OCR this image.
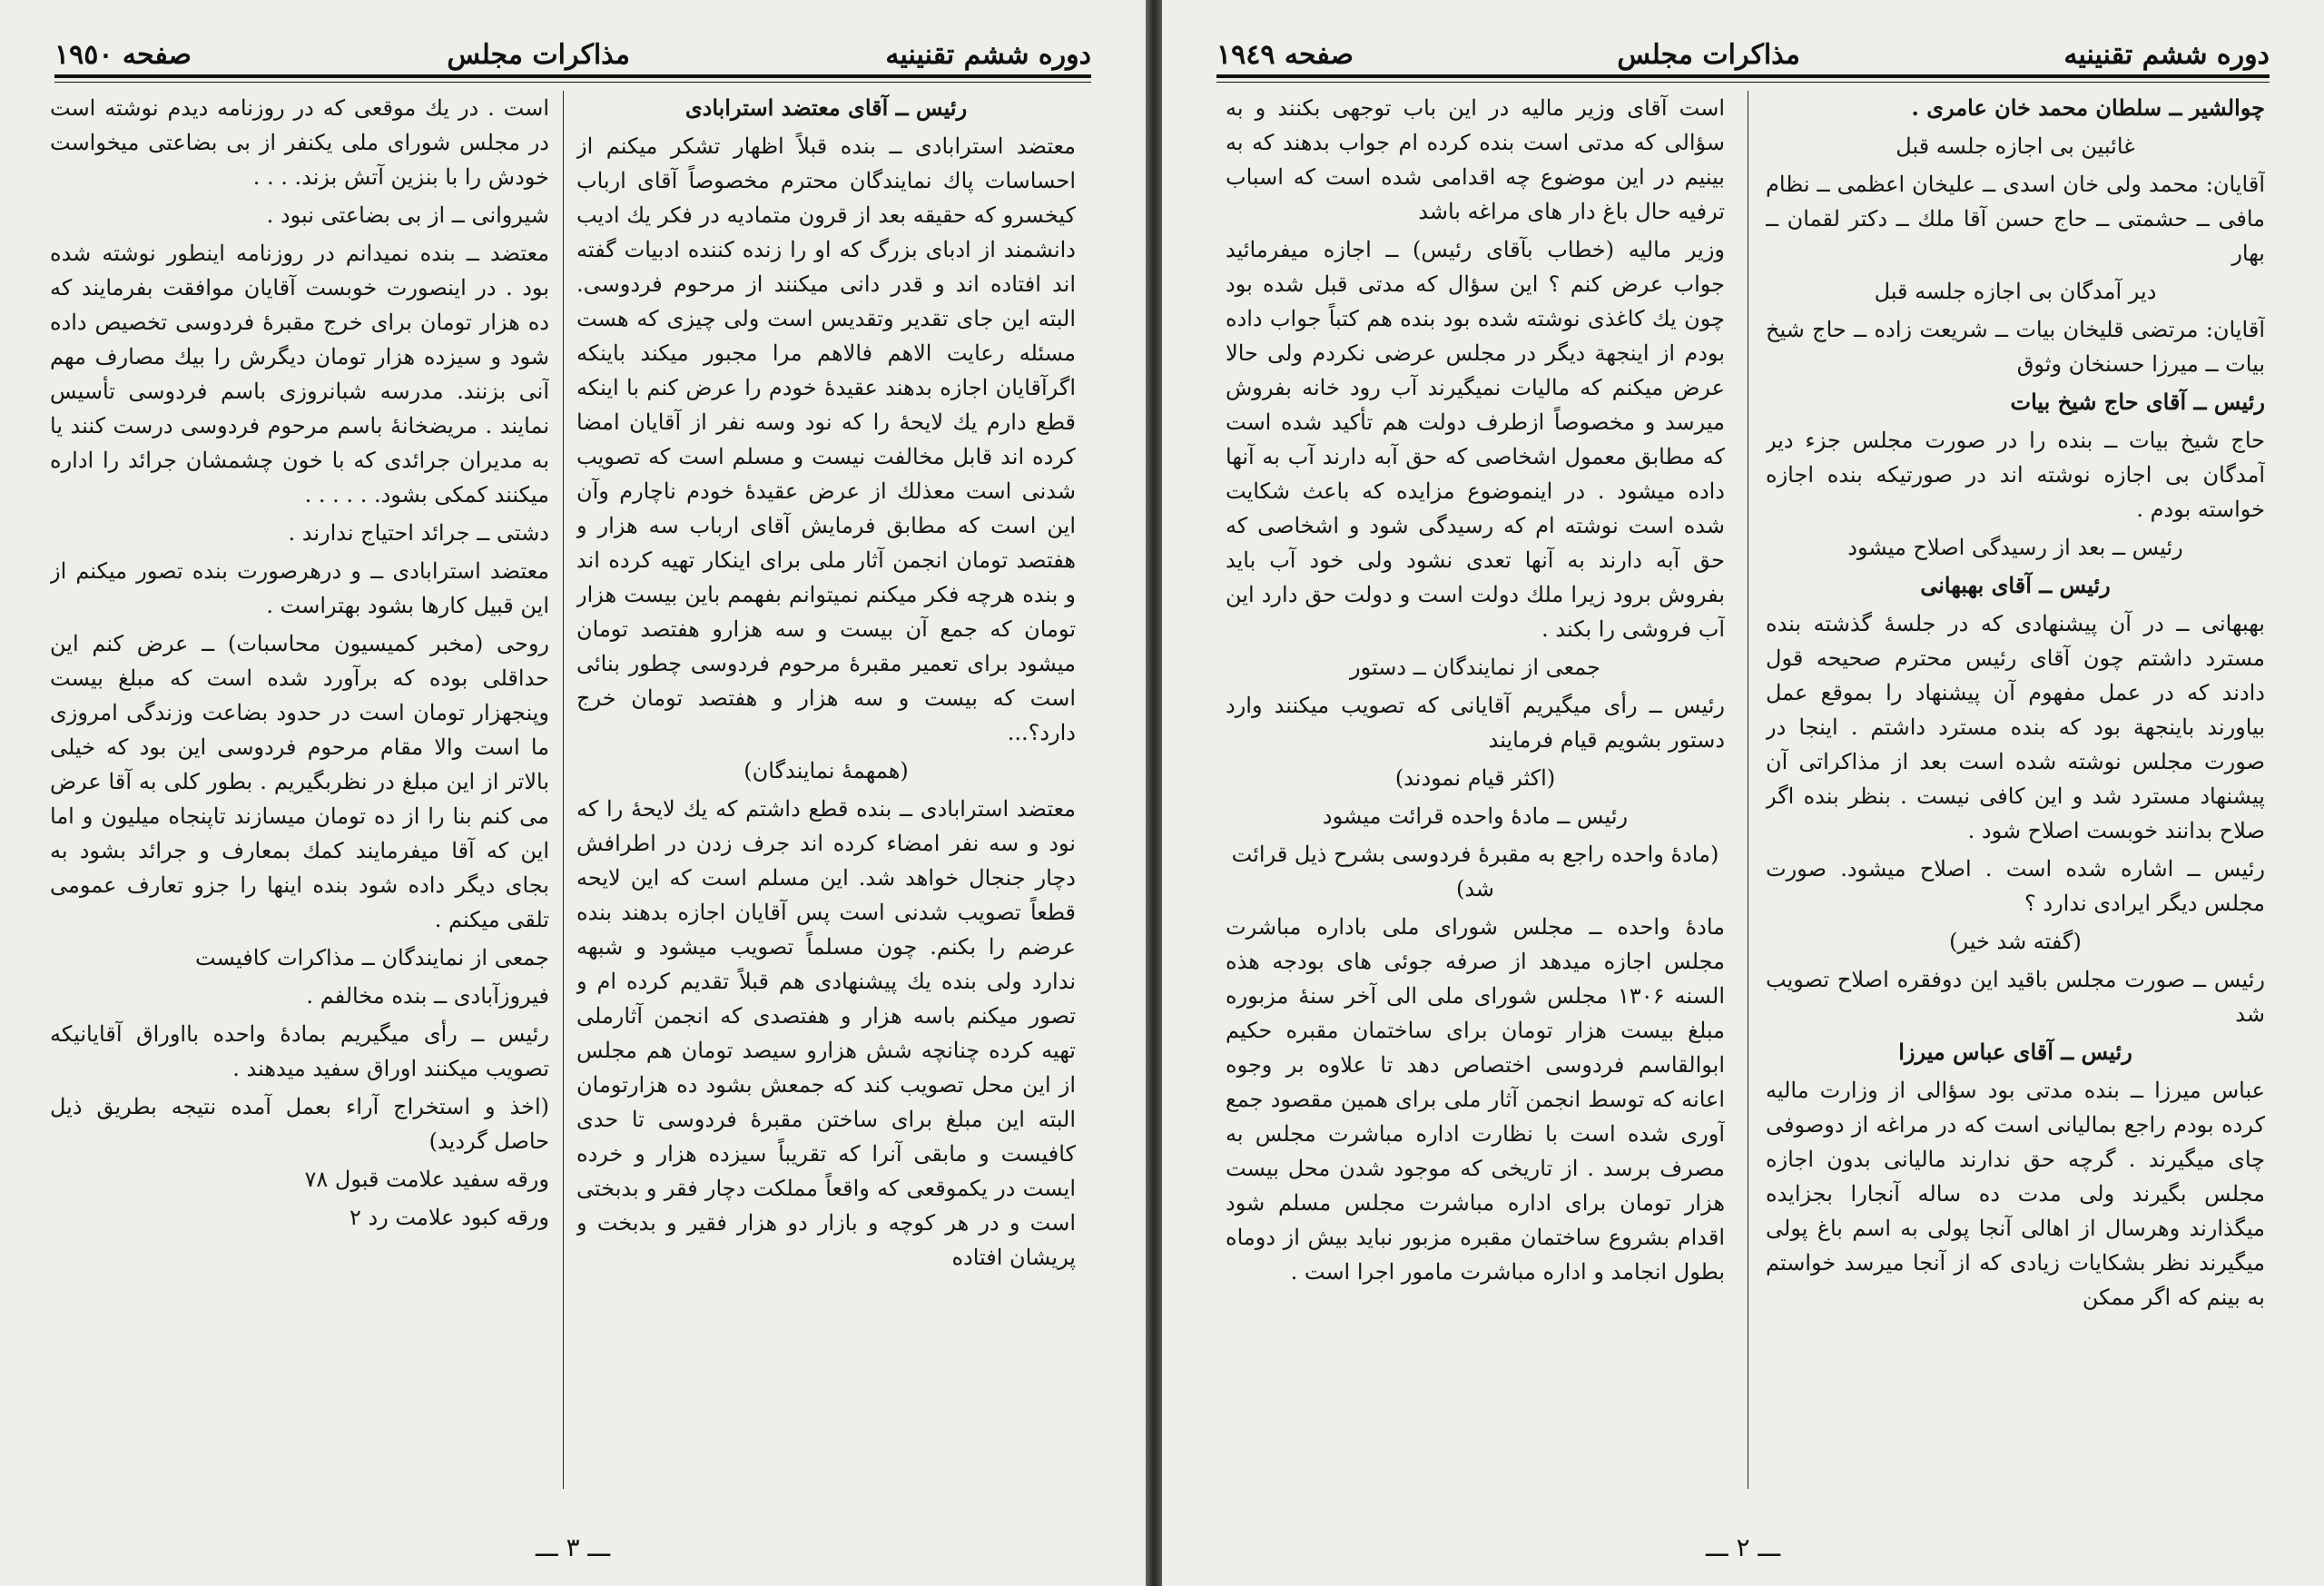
دوره ششم تقنينيه
مذاكرات مجلس
صفحه ١٩٥٠

رئيس ــ آقاى معتضد استرابادى

معتضد استرابادى ــ بنده قبلاً اظهار تشكر ميكنم از احساسات پاك نمايندگان محترم مخصوصاً آقاى ارباب كيخسرو كه حقيقه بعد از قرون متماديه در فكر يك اديب دانشمند از ادباى بزرگ كه او را زنده كننده ادبيات گفته اند افتاده اند و قدر دانى ميكنند از مرحوم فردوسى. البته اين جاى تقدير وتقديس است ولى چيزى كه هست مسئله رعايت الاهم فالاهم مرا مجبور ميكند باينكه اگرآقايان اجازه بدهند عقيدهٔ خودم را عرض كنم با اينكه قطع دارم يك لايحهٔ را كه نود وسه نفر از آقايان امضا كرده اند قابل مخالفت نيست و مسلم است كه تصويب شدنى است معذلك از عرض عقيدهٔ خودم ناچارم وآن اين است كه مطابق فرمايش آقاى ارباب سه هزار و هفتصد تومان انجمن آثار ملى براى اينكار تهيه كرده اند و بنده هرچه فكر ميكنم نميتوانم بفهمم باين بيست هزار تومان كه جمع آن بيست و سه هزارو هفتصد تومان ميشود براى تعمير مقبرهٔ مرحوم فردوسى چطور بنائى است كه بيست و سه هزار و هفتصد تومان خرج دارد؟...

(همهمهٔ نمايندگان)

معتضد استرابادى ــ بنده قطع داشتم كه يك لايحهٔ را كه نود و سه نفر امضاء كرده اند جرف زدن در اطرافش دچار جنجال خواهد شد. اين مسلم است كه اين لايحه قطعاً تصويب شدنى است پس آقايان اجازه بدهند بنده عرضم را بكنم. چون مسلماً تصويب ميشود و شبهه ندارد ولى بنده يك پيشنهادى هم قبلاً تقديم كرده ام و تصور ميكنم باسه هزار و هفتصدى كه انجمن آثارملى تهيه كرده چنانچه شش هزارو سيصد تومان هم مجلس از اين محل تصويب كند كه جمعش بشود ده هزارتومان البته اين مبلغ براى ساختن مقبرهٔ فردوسى تا حدى كافيست و مابقى آنرا كه تقريباً سيزده هزار و خرده ايست در يكموقعى كه واقعاً مملكت دچار فقر و بدبختى است و در هر كوچه و بازار دو هزار فقير و بدبخت و پريشان افتاده

است . در يك موقعى كه در روزنامه ديدم نوشته است در مجلس شوراى ملى يكنفر از بى بضاعتى ميخواست خودش را با بنزين آتش بزند. . . .

شيروانى ــ از بى بضاعتى نبود .

معتضد ــ بنده نميدانم در روزنامه اينطور نوشته شده بود . در اينصورت خوبست آقايان موافقت بفرمايند كه ده هزار تومان براى خرج مقبرهٔ فردوسى تخصيص داده شود و سيزده هزار تومان ديگرش را بيك مصارف مهم آنى بزنند. مدرسه شبانروزى باسم فردوسى تأسيس نمايند . مريضخانهٔ باسم مرحوم فردوسى درست كنند يا به مديران جرائدى كه با خون چشمشان جرائد را اداره ميكنند كمكى بشود. . . . . .

دشتى ــ جرائد احتياج ندارند .

معتضد استرابادى ــ و درهرصورت بنده تصور ميكنم از اين قبيل كارها بشود بهتراست .

روحى (مخبر كميسيون محاسبات) ــ عرض كنم اين حداقلى بوده كه برآورد شده است كه مبلغ بيست وپنجهزار تومان است در حدود بضاعت وزندگى امروزى ما است والا مقام مرحوم فردوسى اين بود كه خيلى بالاتر از اين مبلغ در نظربگيريم . بطور كلى به آقا عرض مى كنم بنا را از ده تومان ميسازند تاپنجاه ميليون و اما اين كه آقا ميفرمايند كمك بمعارف و جرائد بشود به بجاى ديگر داده شود بنده اينها را جزو تعارف عمومى تلقى ميكنم .

جمعى از نمايندگان ــ مذاكرات كافيست

فيروزآبادى ــ بنده مخالفم .

رئيس ــ رأى ميگيريم بمادهٔ واحده بااوراق آقايانيكه تصويب ميكنند اوراق سفيد ميدهند .

(اخذ و استخراج آراء بعمل آمده نتيجه بطريق ذيل حاصل گرديد)

ورقه سفيد علامت قبول ۷۸

ورقه كبود علامت رد ۲

ـــ ۳ ـــ
دوره ششم تقنينيه
مذاكرات مجلس
صفحه ١٩٤٩

چوالشير ــ سلطان محمد خان عامرى .

غائبين بى اجازه جلسه قبل

آقايان: محمد ولى خان اسدى ــ عليخان اعظمى ــ نظام مافى ــ حشمتى ــ حاج حسن آقا ملك ــ دكتر لقمان ــ بهار

دير آمدگان بى اجازه جلسه قبل

آقايان: مرتضى قليخان بيات ــ شريعت زاده ــ حاج شيخ بيات ــ ميرزا حسنخان وثوق

رئيس ــ آقاى حاج شيخ بيات

حاج شيخ بيات ــ بنده را در صورت مجلس جزء دير آمدگان بى اجازه نوشته اند در صورتيكه بنده اجازه خواسته بودم .

رئيس ــ بعد از رسيدگى اصلاح ميشود

رئيس ــ آقاى بهبهانى

بهبهانى ــ در آن پيشنهادى كه در جلسهٔ گذشته بنده مسترد داشتم چون آقاى رئيس محترم صحيحه قول دادند كه در عمل مفهوم آن پيشنهاد را بموقع عمل بياورند باينجهة بود كه بنده مسترد داشتم . اينجا در صورت مجلس نوشته شده است بعد از مذاكراتى آن پيشنهاد مسترد شد و اين كافى نيست . بنظر بنده اگر صلاح بدانند خوبست اصلاح شود .

رئيس ــ اشاره شده است . اصلاح ميشود. صورت مجلس ديگر ايرادى ندارد ؟

(گفته شد خير)

رئيس ــ صورت مجلس باقيد اين دوفقره اصلاح تصويب شد

رئيس ــ آقاى عباس ميرزا

عباس ميرزا ــ بنده مدتى بود سؤالى از وزارت ماليه كرده بودم راجع بماليانى است كه در مراغه از دوصوفى چاى ميگيرند . گرچه حق ندارند ماليانى بدون اجازه مجلس بگيرند ولى مدت ده ساله آنجارا بجزايده ميگذارند وهرسال از اهالى آنجا پولى به اسم باغ پولى ميگيرند نظر بشكايات زيادى كه از آنجا ميرسد خواستم به بينم كه اگر ممكن

است آقاى وزير ماليه در اين باب توجهى بكنند و به سؤالى كه مدتى است بنده كرده ام جواب بدهند كه به بينيم در اين موضوع چه اقدامى شده است كه اسباب ترفيه حال باغ دار هاى مراغه باشد

وزير ماليه (خطاب بآقاى رئيس) ــ اجازه ميفرمائيد جواب عرض كنم ؟ اين سؤال كه مدتى قبل شده بود چون يك كاغذى نوشته شده بود بنده هم كتباً جواب داده بودم از اينجهة ديگر در مجلس عرضى نكردم ولى حالا عرض ميكنم كه ماليات نميگيرند آب رود خانه بفروش ميرسد و مخصوصاً ازطرف دولت هم تأكيد شده است كه مطابق معمول اشخاصى كه حق آبه دارند آب به آنها داده ميشود . در اينموضوع مزايده كه باعث شكايت شده است نوشته ام كه رسيدگى شود و اشخاصى كه حق آبه دارند به آنها تعدى نشود ولى خود آب بايد بفروش برود زيرا ملك دولت است و دولت حق دارد اين آب فروشى را بكند .

جمعى از نمايندگان ــ دستور

رئيس ــ رأى ميگيريم آقايانى كه تصويب ميكنند وارد دستور بشويم قيام فرمايند

(اكثر قيام نمودند)

رئيس ــ مادهٔ واحده قرائت ميشود

(مادهٔ واحده راجع به مقبرهٔ فردوسى بشرح ذيل قرائت شد)

مادهٔ واحده ــ مجلس شوراى ملى باداره مباشرت مجلس اجازه ميدهد از صرفه جوئى هاى بودجه هذه السنه ۱۳۰۶ مجلس شوراى ملى الى آخر سنهٔ مزبوره مبلغ بيست هزار تومان براى ساختمان مقبره حكيم ابوالقاسم فردوسى اختصاص دهد تا علاوه بر وجوه اعانه كه توسط انجمن آثار ملى براى همين مقصود جمع آورى شده است با نظارت اداره مباشرت مجلس به مصرف برسد . از تاريخى كه موجود شدن محل بيست هزار تومان براى اداره مباشرت مجلس مسلم شود اقدام بشروع ساختمان مقبره مزبور نبايد بيش از دوماه بطول انجامد و اداره مباشرت مامور اجرا است .

ـــ ۲ ـــ
